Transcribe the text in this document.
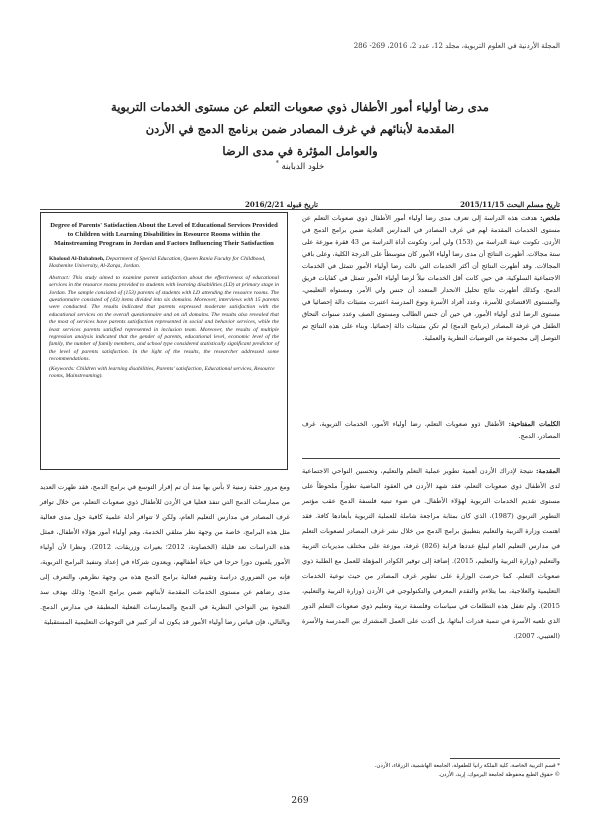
المجلة الأردنية في العلوم التربوية، مجلد 12، عدد 2، 2016، 269- 286
مدى رضا أولياء أمور الأطفال ذوي صعوبات التعلم عن مستوى الخدمات التربوية
المقدمة لأبنائهم في غرف المصادر ضمن برنامج الدمج في الأردن
والعوامل المؤثرة في مدى الرضا
خلود الدبابنة *
تاريخ مسلم البحث 2015/11/15
تاريخ قبوله 2016/2/21
ملخص: هدفت هذه الدراسة إلى تعرف مدى رضا أولياء أمور الأطفال ذوي صعوبات التعلم عن مستوى الخدمات المقدمة لهم في غرف المصادر في المدارس العادية ضمن برامج الدمج في الأردن. تكونت عينة الدراسة من (153) ولي أمر، وتكونت أداة الدراسة من 43 فقرة موزعة على ستة مجالات. أظهرت النتائج أن مدى رضا أولياء الأمور كان متوسطاً على الدرجة الكلية، وعلى باقي المجالات. وقد أظهرت النتائج أن أكثر الخدمات التي نالت رضا أولياء الأمور تتمثل في الخدمات الاجتماعية السلوكية، في حين كانت أقل الخدمات نيلاً لرضا أولياء الأمور تتمثل في كفايات فريق الدمج. وكذلك أظهرت نتائج تحليل الانحدار المتعدد أن جنس ولي الأمر، ومستواه التعليمي، والمستوى الاقتصادي للأسرة، وعدد أفراد الأسرة ونوع المدرسة اعتبرت متنبئات دالة إحصائيا في مستوى الرضا لدى أولياء الأمور، في حين أن جنس الطالب ومستوى الصف وعدد سنوات التحاق الطفل في غرفة المصادر (برنامج الدمج) لم تكن متنبئات دالة إحصائيا. وبناء على هذه النتائج تم التوصل إلى مجموعة من التوصيات النظرية والعملية.
الكلمات المفتاحية: الأطفال ذوو صعوبات التعلم، رضا أولياء الأمور، الخدمات التربوية، غرف المصادر، الدمج.
Degree of Parents' Satisfaction About the Level of Educational Services Provided to Children with Learning Disabilities in Resource Rooms within the Mainstreaming Program in Jordan and Factors Influencing Their Satisfaction
Kholoud Al-Dababneh, Department of Special Education, Queen Rania Faculty for Childhood, Hashemite University, Al-Zarqa, Jordan.
Abstract: This study aimed to examine parent satisfaction about the effectiveness of educational services in the resource rooms provided to students with learning disabilities (LD) at primary stage in Jordan. The sample consisted of (153) parents of students with LD attending the resource rooms. The questionnaire consisted of (43) items divided into six domains. Moreover, interviews with 15 parents were conducted. The results indicated that parents expressed moderate satisfaction with the educational services on the overall questionnaire and on all domains. The results also revealed that the most of services have parents satisfaction represented in social and behavior services, while the least services parents satisfied represented in inclusion team. Moreover, the results of multiple regression analysis indicated that the gender of parents, educational level, economic level of the family, the number of family members, and school type considered statistically significant predictor of the level of parents satisfaction. In the light of the results, the researcher addressed some recommendations.
(Keywords: Children with learning disabilities, Parents' satisfaction, Educational services, Resource rooms, Mainstreaming).
ومع مرور حقبة زمنية لا بأس بها منذ أن تم إقرار التوسع في برامج الدمج، فقد ظهرت العديد من ممارسات الدمج التي تنفذ فعليا في الأردن للأطفال ذوي صعوبات التعلم، من خلال توافر غرف المصادر في مدارس التعليم العام، ولكن لا تتوافر أدلة علمية كافية حول مدى فعالية مثل هذه البرامج، خاصة من وجهة نظر متلقي الخدمة، وهم أولياء أمور هؤلاء الأطفال، فمثل هذه الدراسات تعد قليلة (الخصاونة، 2012؛ بعيرات وزريقات، 2012). ونظرا لأن أولياء الأمور يلعبون دورا حرجا في حياة أطفالهم، ويعدون شركاء في إعداد وتنفيذ البرامج التربوية، فإنه من الضروري دراسة وتقييم فعالية برامج الدمج هذه من وجهة نظرهم، والتعرف إلى مدى رضاهم عن مستوى الخدمات المقدمة لأبنائهم ضمن برامج الدمج؛ وذلك بهدف سد الفجوة بين النواحي النظرية في الدمج والممارسات الفعلية المطبقة في مدارس الدمج. وبالتالي، فإن قياس رضا أولياء الأمور قد يكون له أثر كبير في التوجهات التعليمية المستقبلية
المقدمة: نتيجة لإدراك الأردن أهمية تطوير عملية التعلم والتعليم، وتحسين النواحي الاجتماعية لدى الأطفال ذوي صعوبات التعلم، فقد شهد الأردن في العقود الماضية تطوراً ملحوظاً على مستوى تقديم الخدمات التربوية لهؤلاء الأطفال. في ضوء تبنيه فلسفة الدمج عقب مؤتمر التطوير التربوي (1987)، الذي كان بمثابة مراجعة شاملة للعملية التربوية بأبعادها كافة. فقد اهتمت وزارة التربية والتعليم بتطبيق برامج الدمج من خلال نشر غرف المصادر لصعوبات التعلم في مدارس التعليم العام ليبلغ عددها قرابة (826) غرفة، موزعة على مختلف مديريات التربية والتعليم (وزارة التربية والتعليم، 2015). إضافة إلى توفير الكوادر المؤهلة للعمل مع الطلبة ذوي صعوبات التعلم. كما حرصت الوزارة على تطوير غرف المصادر من حيث نوعية الخدمات التعليمية والعلاجية، بما يتلاءم والتقدم المعرفي والتكنولوجي في الأردن (وزارة التربية والتعليم، 2015). ولم تغفل هذه التطلعات في سياسات وفلسفة تربية وتعليم ذوي صعوبات التعلم الدور الذي تلعبه الأسرة في تنمية قدرات أبنائها، بل أكدت على العمل المشترك بين المدرسة والأسرة (العتيبي، 2007).
* قسم التربية الخاصة، كلية الملكة رانيا للطفولة، الجامعة الهاشمية، الزرقاء، الأردن.
© حقوق الطبع محفوظة لجامعة اليرموك، إربد، الأردن.
269
